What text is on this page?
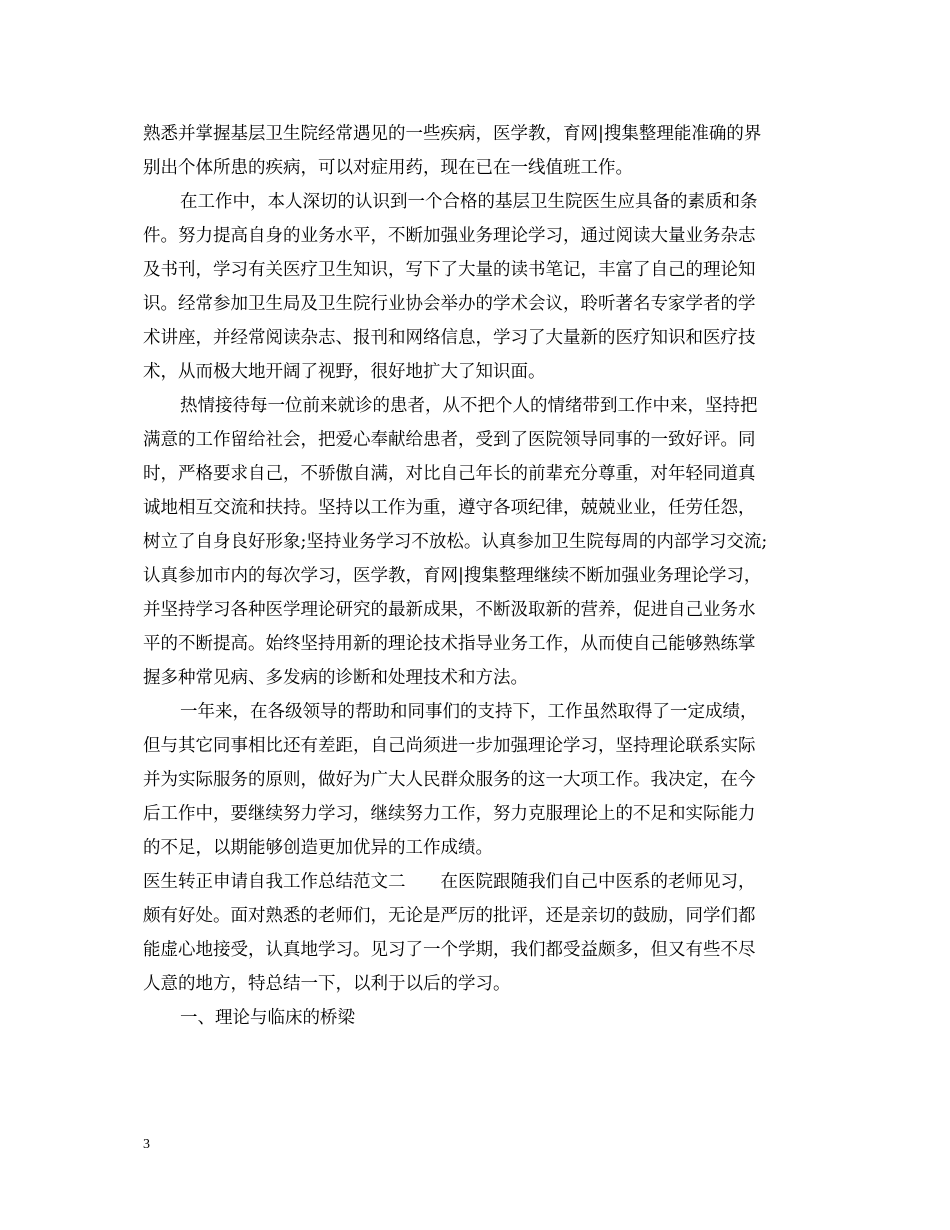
熟悉并掌握基层卫生院经常遇见的一些疾病，医学教，育网|搜集整理能准确的界
别出个体所患的疾病，可以对症用药，现在已在一线值班工作。
在工作中，本人深切的认识到一个合格的基层卫生院医生应具备的素质和条
件。努力提高自身的业务水平，不断加强业务理论学习，通过阅读大量业务杂志
及书刊，学习有关医疗卫生知识，写下了大量的读书笔记，丰富了自己的理论知
识。经常参加卫生局及卫生院行业协会举办的学术会议，聆听著名专家学者的学
术讲座，并经常阅读杂志、报刊和网络信息，学习了大量新的医疗知识和医疗技
术，从而极大地开阔了视野，很好地扩大了知识面。
热情接待每一位前来就诊的患者，从不把个人的情绪带到工作中来，坚持把
满意的工作留给社会，把爱心奉献给患者，受到了医院领导同事的一致好评。同
时，严格要求自己，不骄傲自满，对比自己年长的前辈充分尊重，对年轻同道真
诚地相互交流和扶持。坚持以工作为重，遵守各项纪律，兢兢业业，任劳任怨，
树立了自身良好形象;坚持业务学习不放松。认真参加卫生院每周的内部学习交流;
认真参加市内的每次学习，医学教，育网|搜集整理继续不断加强业务理论学习，
并坚持学习各种医学理论研究的最新成果，不断汲取新的营养，促进自己业务水
平的不断提高。始终坚持用新的理论技术指导业务工作，从而使自己能够熟练掌
握多种常见病、多发病的诊断和处理技术和方法。
一年来，在各级领导的帮助和同事们的支持下，工作虽然取得了一定成绩，
但与其它同事相比还有差距，自己尚须进一步加强理论学习，坚持理论联系实际
并为实际服务的原则，做好为广大人民群众服务的这一大项工作。我决定，在今
后工作中，要继续努力学习，继续努力工作，努力克服理论上的不足和实际能力
的不足，以期能够创造更加优异的工作成绩。
医生转正申请自我工作总结范文二　　在医院跟随我们自己中医系的老师见习，
颇有好处。面对熟悉的老师们，无论是严厉的批评，还是亲切的鼓励，同学们都
能虚心地接受，认真地学习。见习了一个学期，我们都受益颇多，但又有些不尽
人意的地方，特总结一下，以利于以后的学习。
一、理论与临床的桥梁
3
